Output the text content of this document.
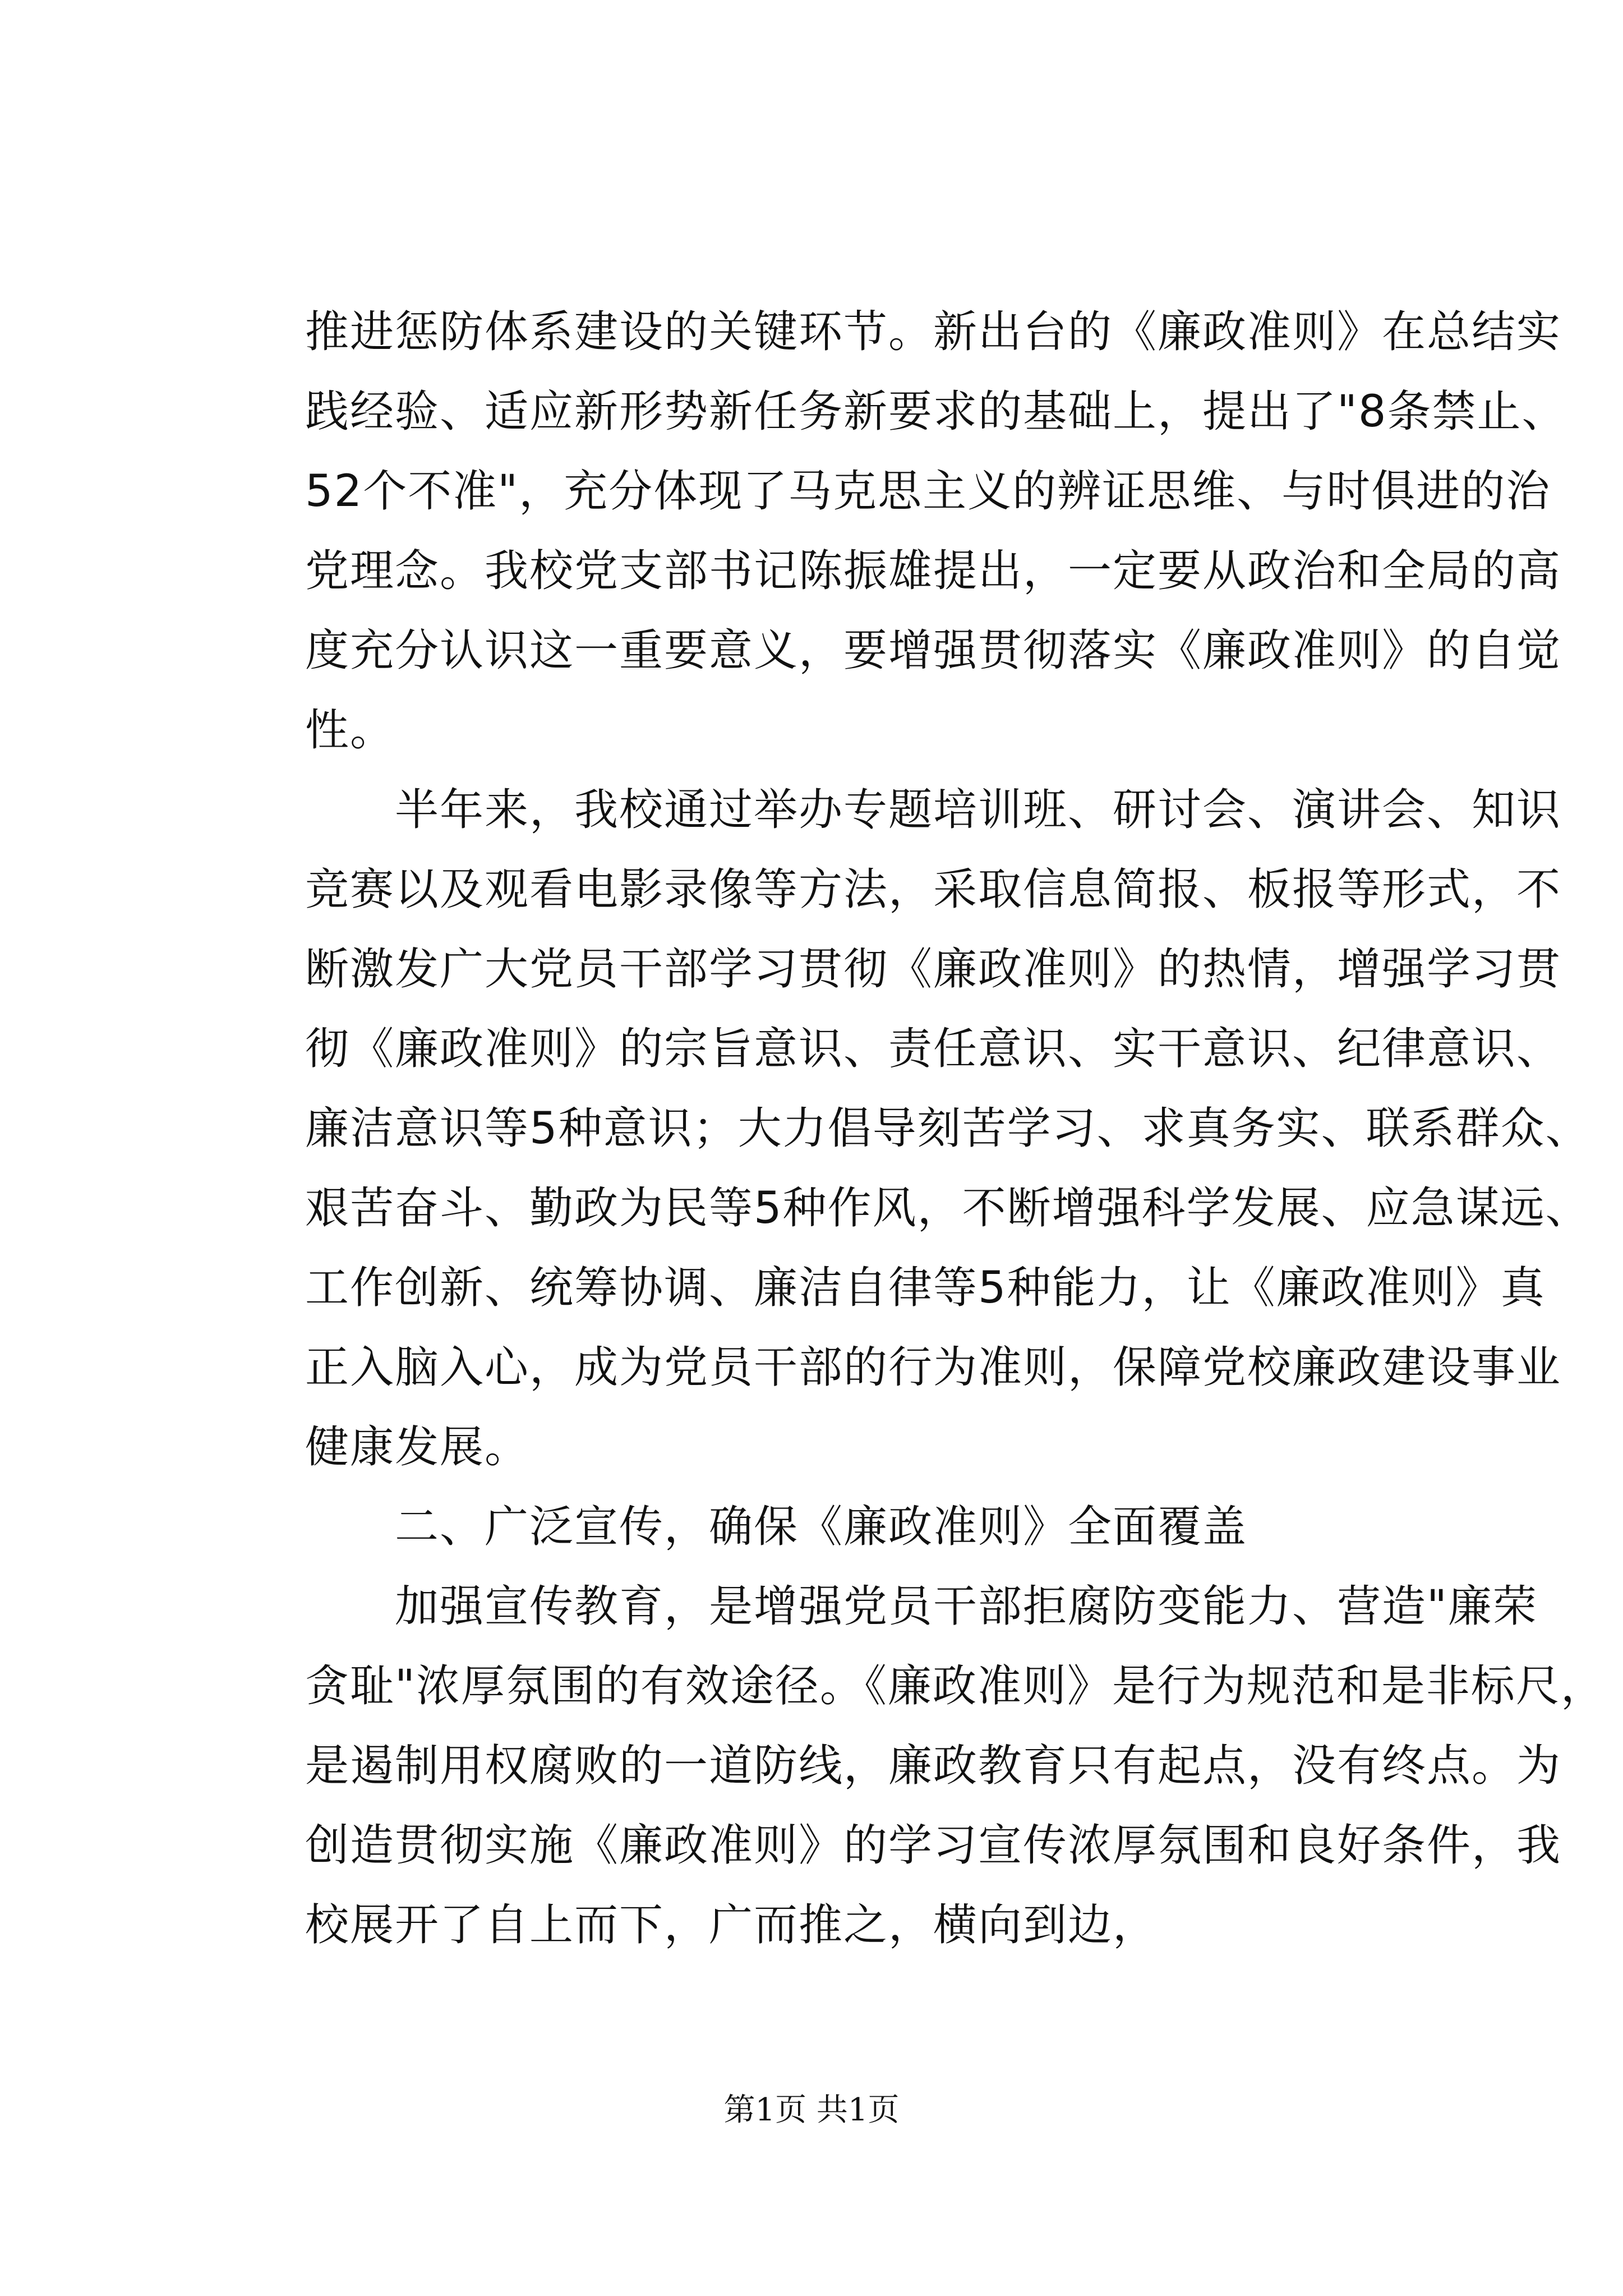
推进惩防体系建设的关键环节。新出台的《廉政准则》在总结实
践经验、适应新形势新任务新要求的基础上，提出了"8条禁止、
52个不准"，充分体现了马克思主义的辨证思维、与时俱进的治
党理念。我校党支部书记陈振雄提出，一定要从政治和全局的高
度充分认识这一重要意义，要增强贯彻落实《廉政准则》的自觉
性。
　　半年来，我校通过举办专题培训班、研讨会、演讲会、知识
竞赛以及观看电影录像等方法，采取信息简报、板报等形式，不
断激发广大党员干部学习贯彻《廉政准则》的热情，增强学习贯
彻《廉政准则》的宗旨意识、责任意识、实干意识、纪律意识、
廉洁意识等5种意识；大力倡导刻苦学习、求真务实、联系群众、
艰苦奋斗、勤政为民等5种作风，不断增强科学发展、应急谋远、
工作创新、统筹协调、廉洁自律等5种能力，让《廉政准则》真
正入脑入心，成为党员干部的行为准则，保障党校廉政建设事业
健康发展。
　　二、广泛宣传，确保《廉政准则》全面覆盖
　　加强宣传教育，是增强党员干部拒腐防变能力、营造"廉荣
贪耻"浓厚氛围的有效途径。《廉政准则》是行为规范和是非标尺，
是遏制用权腐败的一道防线，廉政教育只有起点，没有终点。为
创造贯彻实施《廉政准则》的学习宣传浓厚氛围和良好条件，我
校展开了自上而下，广而推之，横向到边，
第1页 共1页
